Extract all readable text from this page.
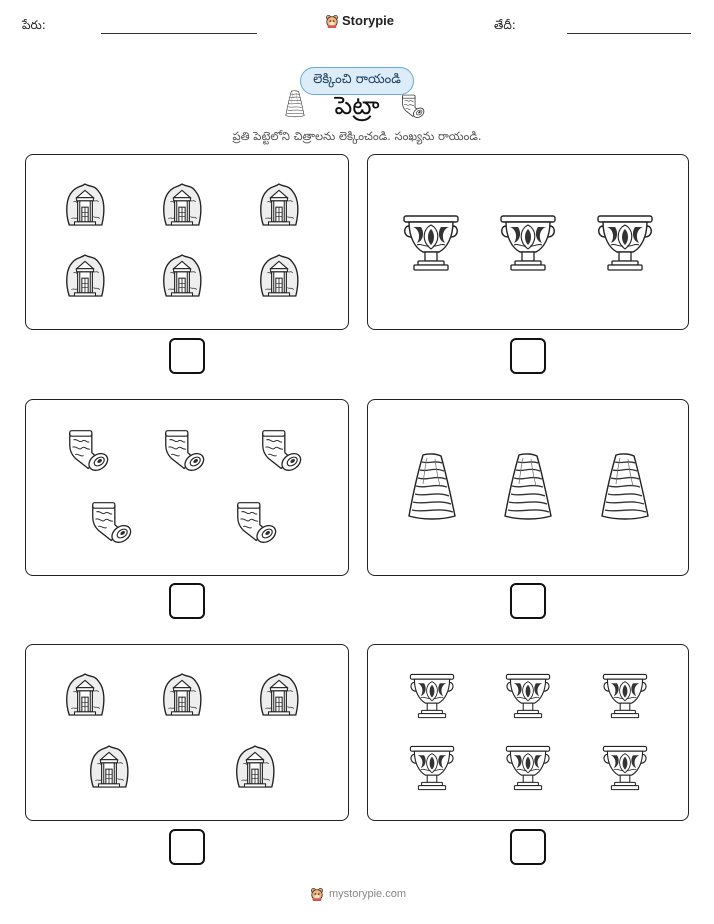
పేరు:	Storypie	తేదీ:
లెక్కించి రాయండి
పెట్రా
ప్రతి పెట్టెలోని చిత్రాలను లెక్కించండి. సంఖ్యను రాయండి.
mystorypie.com
